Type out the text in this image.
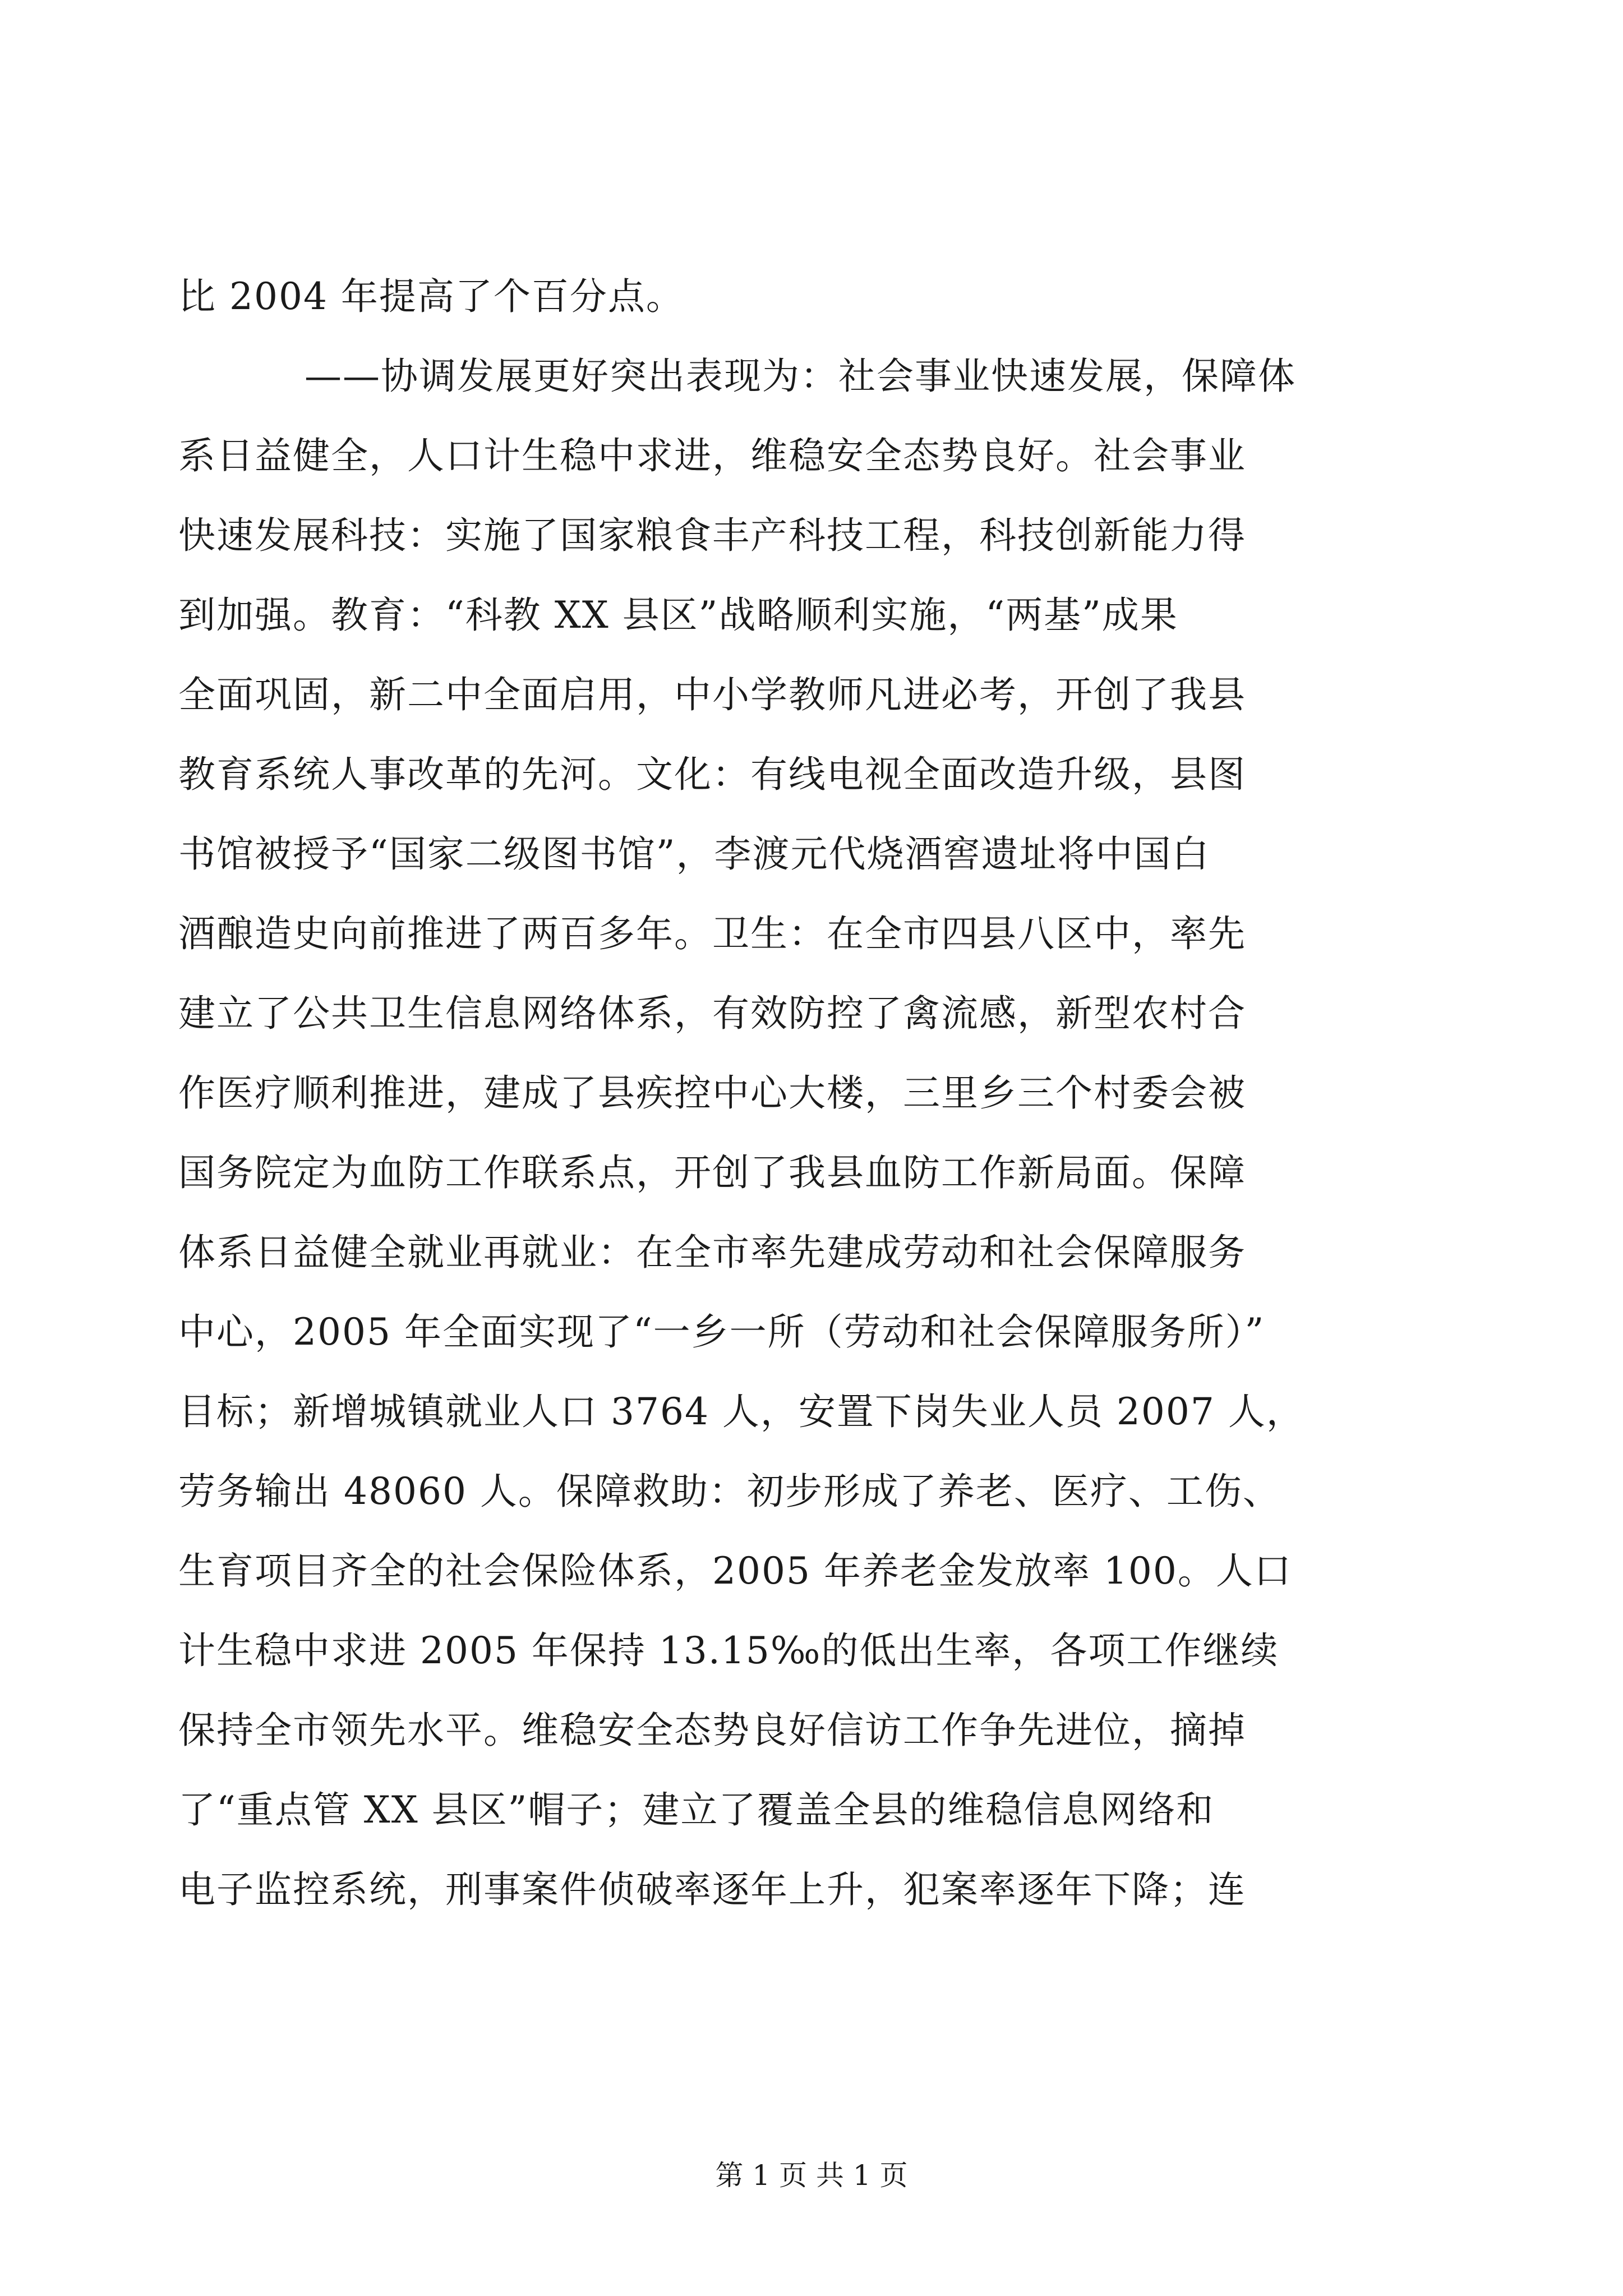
比 2004 年提高了个百分点。
——协调发展更好突出表现为：社会事业快速发展，保障体
系日益健全，人口计生稳中求进，维稳安全态势良好。社会事业
快速发展科技：实施了国家粮食丰产科技工程，科技创新能力得
到加强。教育：“科教 XX 县区”战略顺利实施，“两基”成果
全面巩固，新二中全面启用，中小学教师凡进必考，开创了我县
教育系统人事改革的先河。文化：有线电视全面改造升级，县图
书馆被授予“国家二级图书馆”，李渡元代烧酒窖遗址将中国白
酒酿造史向前推进了两百多年。卫生：在全市四县八区中，率先
建立了公共卫生信息网络体系，有效防控了禽流感，新型农村合
作医疗顺利推进，建成了县疾控中心大楼，三里乡三个村委会被
国务院定为血防工作联系点，开创了我县血防工作新局面。保障
体系日益健全就业再就业：在全市率先建成劳动和社会保障服务
中心，2005 年全面实现了“一乡一所（劳动和社会保障服务所）”
目标；新增城镇就业人口 3764 人，安置下岗失业人员 2007 人，
劳务输出 48060 人。保障救助：初步形成了养老、医疗、工伤、
生育项目齐全的社会保险体系，2005 年养老金发放率 100。人口
计生稳中求进 2005 年保持 13.15‰的低出生率，各项工作继续
保持全市领先水平。维稳安全态势良好信访工作争先进位，摘掉
了“重点管 XX 县区”帽子；建立了覆盖全县的维稳信息网络和
电子监控系统，刑事案件侦破率逐年上升，犯案率逐年下降；连
第 1 页 共 1 页
